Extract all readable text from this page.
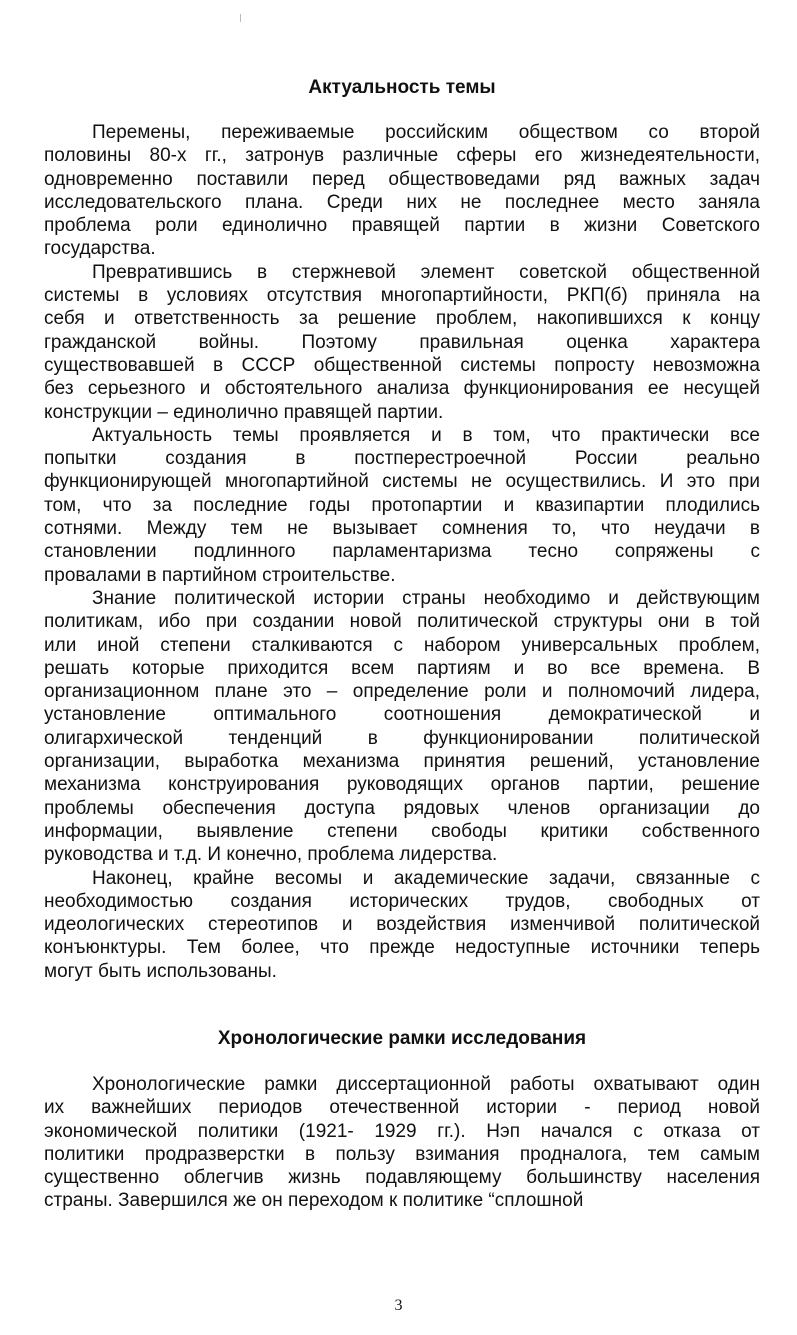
Актуальность темы
Перемены, переживаемые российским обществом со второй
половины 80-х гг., затронув различные сферы его жизнедеятельности,
одновременно поставили перед обществоведами ряд важных задач
исследовательского плана. Среди них не последнее место заняла
проблема роли единолично правящей партии в жизни Советского
государства.
Превратившись в стержневой элемент советской общественной
системы в условиях отсутствия многопартийности, РКП(б) приняла на
себя и ответственность за решение проблем, накопившихся к концу
гражданской войны. Поэтому правильная оценка характера
существовавшей в СССР общественной системы попросту невозможна
без серьезного и обстоятельного анализа функционирования ее несущей
конструкции – единолично правящей партии.
Актуальность темы проявляется и в том, что практически все
попытки создания в постперестроечной России реально
функционирующей многопартийной системы не осуществились. И это при
том, что за последние годы протопартии и квазипартии плодились
сотнями. Между тем не вызывает сомнения то, что неудачи в
становлении подлинного парламентаризма тесно сопряжены с
провалами в партийном строительстве.
Знание политической истории страны необходимо и действующим
политикам, ибо при создании новой политической структуры они в той
или иной степени сталкиваются с набором универсальных проблем,
решать которые приходится всем партиям и во все времена. В
организационном плане это – определение роли и полномочий лидера,
установление оптимального соотношения демократической и
олигархической тенденций в функционировании политической
организации, выработка механизма принятия решений, установление
механизма конструирования руководящих органов партии, решение
проблемы обеспечения доступа рядовых членов организации до
информации, выявление степени свободы критики собственного
руководства и т.д. И конечно, проблема лидерства.
Наконец, крайне весомы и академические задачи, связанные с
необходимостью создания исторических трудов, свободных от
идеологических стереотипов и воздействия изменчивой политической
конъюнктуры. Тем более, что прежде недоступные источники теперь
могут быть использованы.
Хронологические рамки исследования
Хронологические рамки диссертационной работы охватывают один
их важнейших периодов отечественной истории - период новой
экономической политики (1921- 1929 гг.). Нэп начался с отказа от
политики продразверстки в пользу взимания продналога, тем самым
существенно облегчив жизнь подавляющему большинству населения
страны. Завершился же он переходом к политике “сплошной
3
